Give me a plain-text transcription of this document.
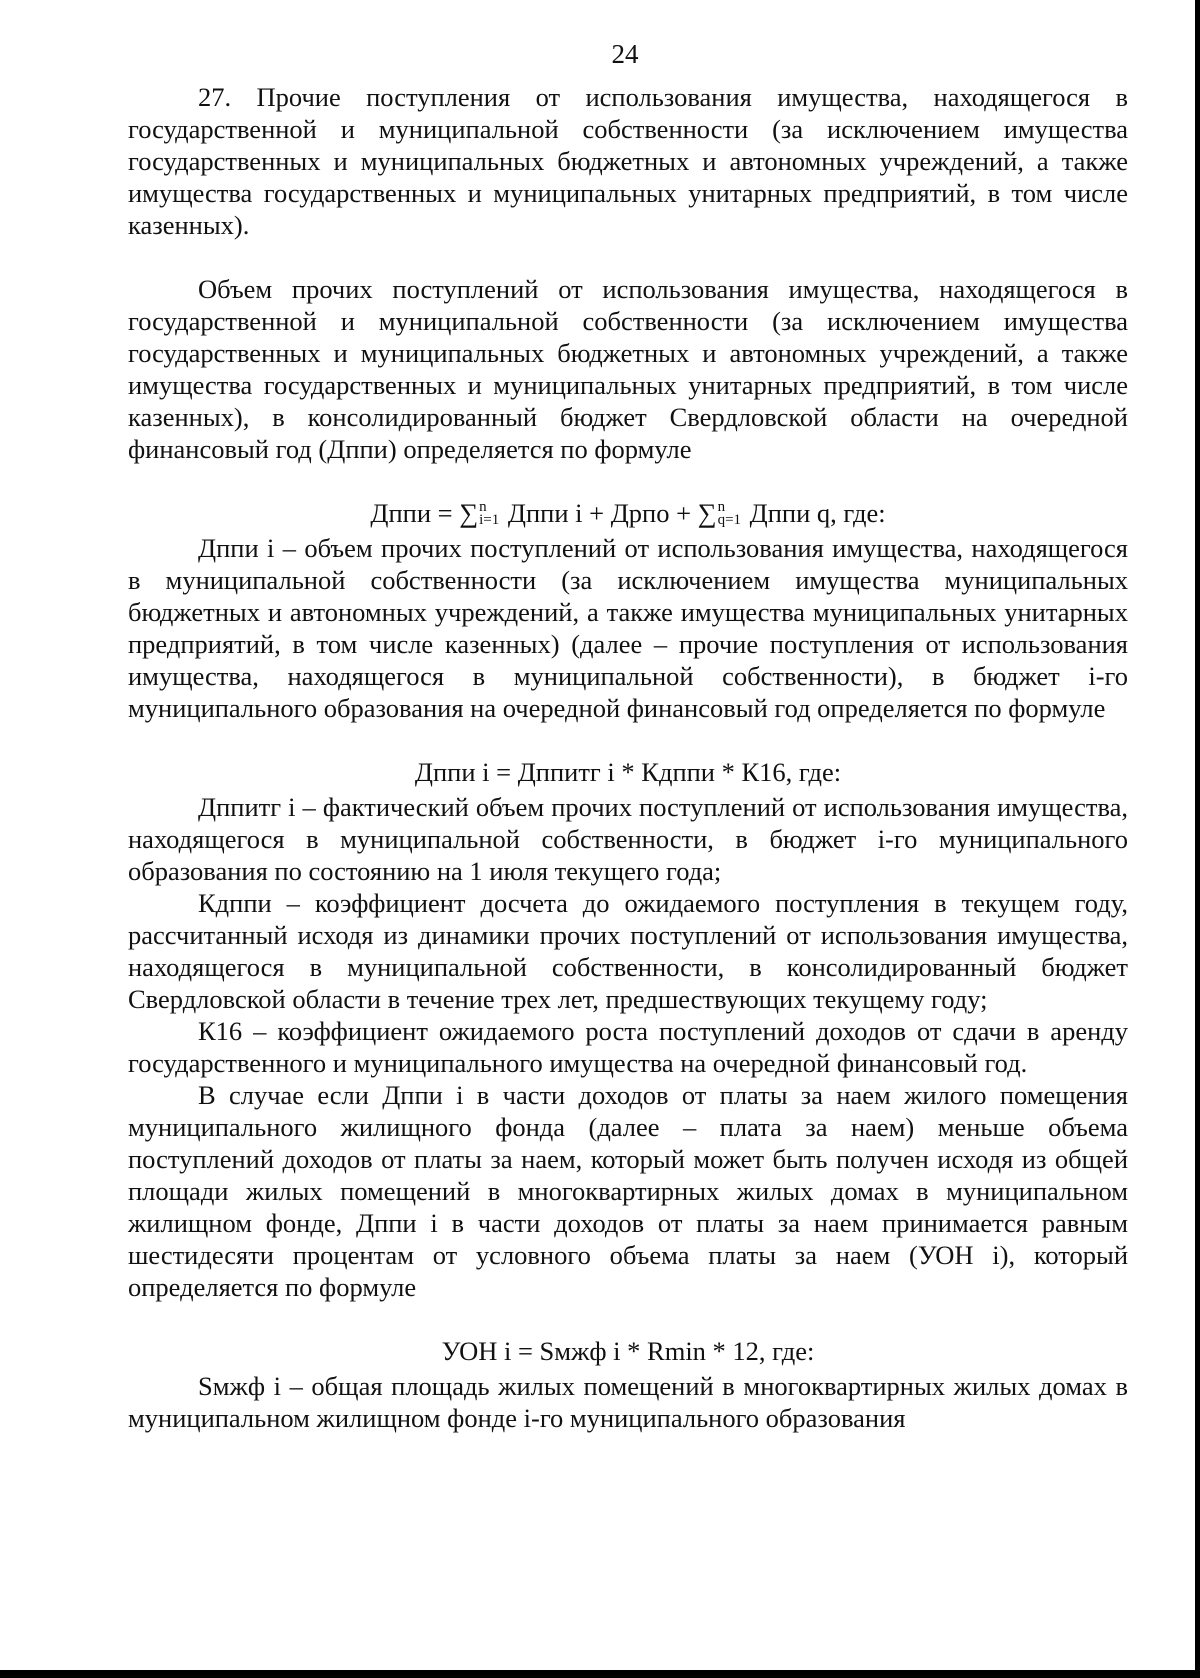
24

27. Прочие поступления от использования имущества, находящегося в государственной и муниципальной собственности (за исключением имущества государственных и муниципальных бюджетных и автономных учреждений, а также имущества государственных и муниципальных унитарных предприятий, в том числе казенных).

Объем прочих поступлений от использования имущества, находящегося в государственной и муниципальной собственности (за исключением имущества государственных и муниципальных бюджетных и автономных учреждений, а также имущества государственных и муниципальных унитарных предприятий, в том числе казенных), в консолидированный бюджет Свердловской области на очередной финансовый год (Дппи) определяется по формуле

Дппи = ∑ n
i=1 Дппи i + Дрпо + ∑ n
q=1 Дппи q, где:

Дппи i – объем прочих поступлений от использования имущества, находящегося в муниципальной собственности (за исключением имущества муниципальных бюджетных и автономных учреждений, а также имущества муниципальных унитарных предприятий, в том числе казенных) (далее – прочие поступления от использования имущества, находящегося в муниципальной собственности), в бюджет i-го муниципального образования на очередной финансовый год определяется по формуле

Дппи i = Дппитг i * Кдппи * К16, где:

Дппитг i – фактический объем прочих поступлений от использования имущества, находящегося в муниципальной собственности, в бюджет i-го муниципального образования по состоянию на 1 июля текущего года;

Кдппи – коэффициент досчета до ожидаемого поступления в текущем году, рассчитанный исходя из динамики прочих поступлений от использования имущества, находящегося в муниципальной собственности, в консолидированный бюджет Свердловской области в течение трех лет, предшествующих текущему году;

К16 – коэффициент ожидаемого роста поступлений доходов от сдачи в аренду государственного и муниципального имущества на очередной финансовый год.

В случае если Дппи i в части доходов от платы за наем жилого помещения муниципального жилищного фонда (далее – плата за наем) меньше объема поступлений доходов от платы за наем, который может быть получен исходя из общей площади жилых помещений в многоквартирных жилых домах в муниципальном жилищном фонде, Дппи i в части доходов от платы за наем принимается равным шестидесяти процентам от условного объема платы за наем (УОН i), который определяется по формуле

УОН i = Sмжф i * Rmin * 12, где:

Sмжф i – общая площадь жилых помещений в многоквартирных жилых домах в муниципальном жилищном фонде i-го муниципального образования
